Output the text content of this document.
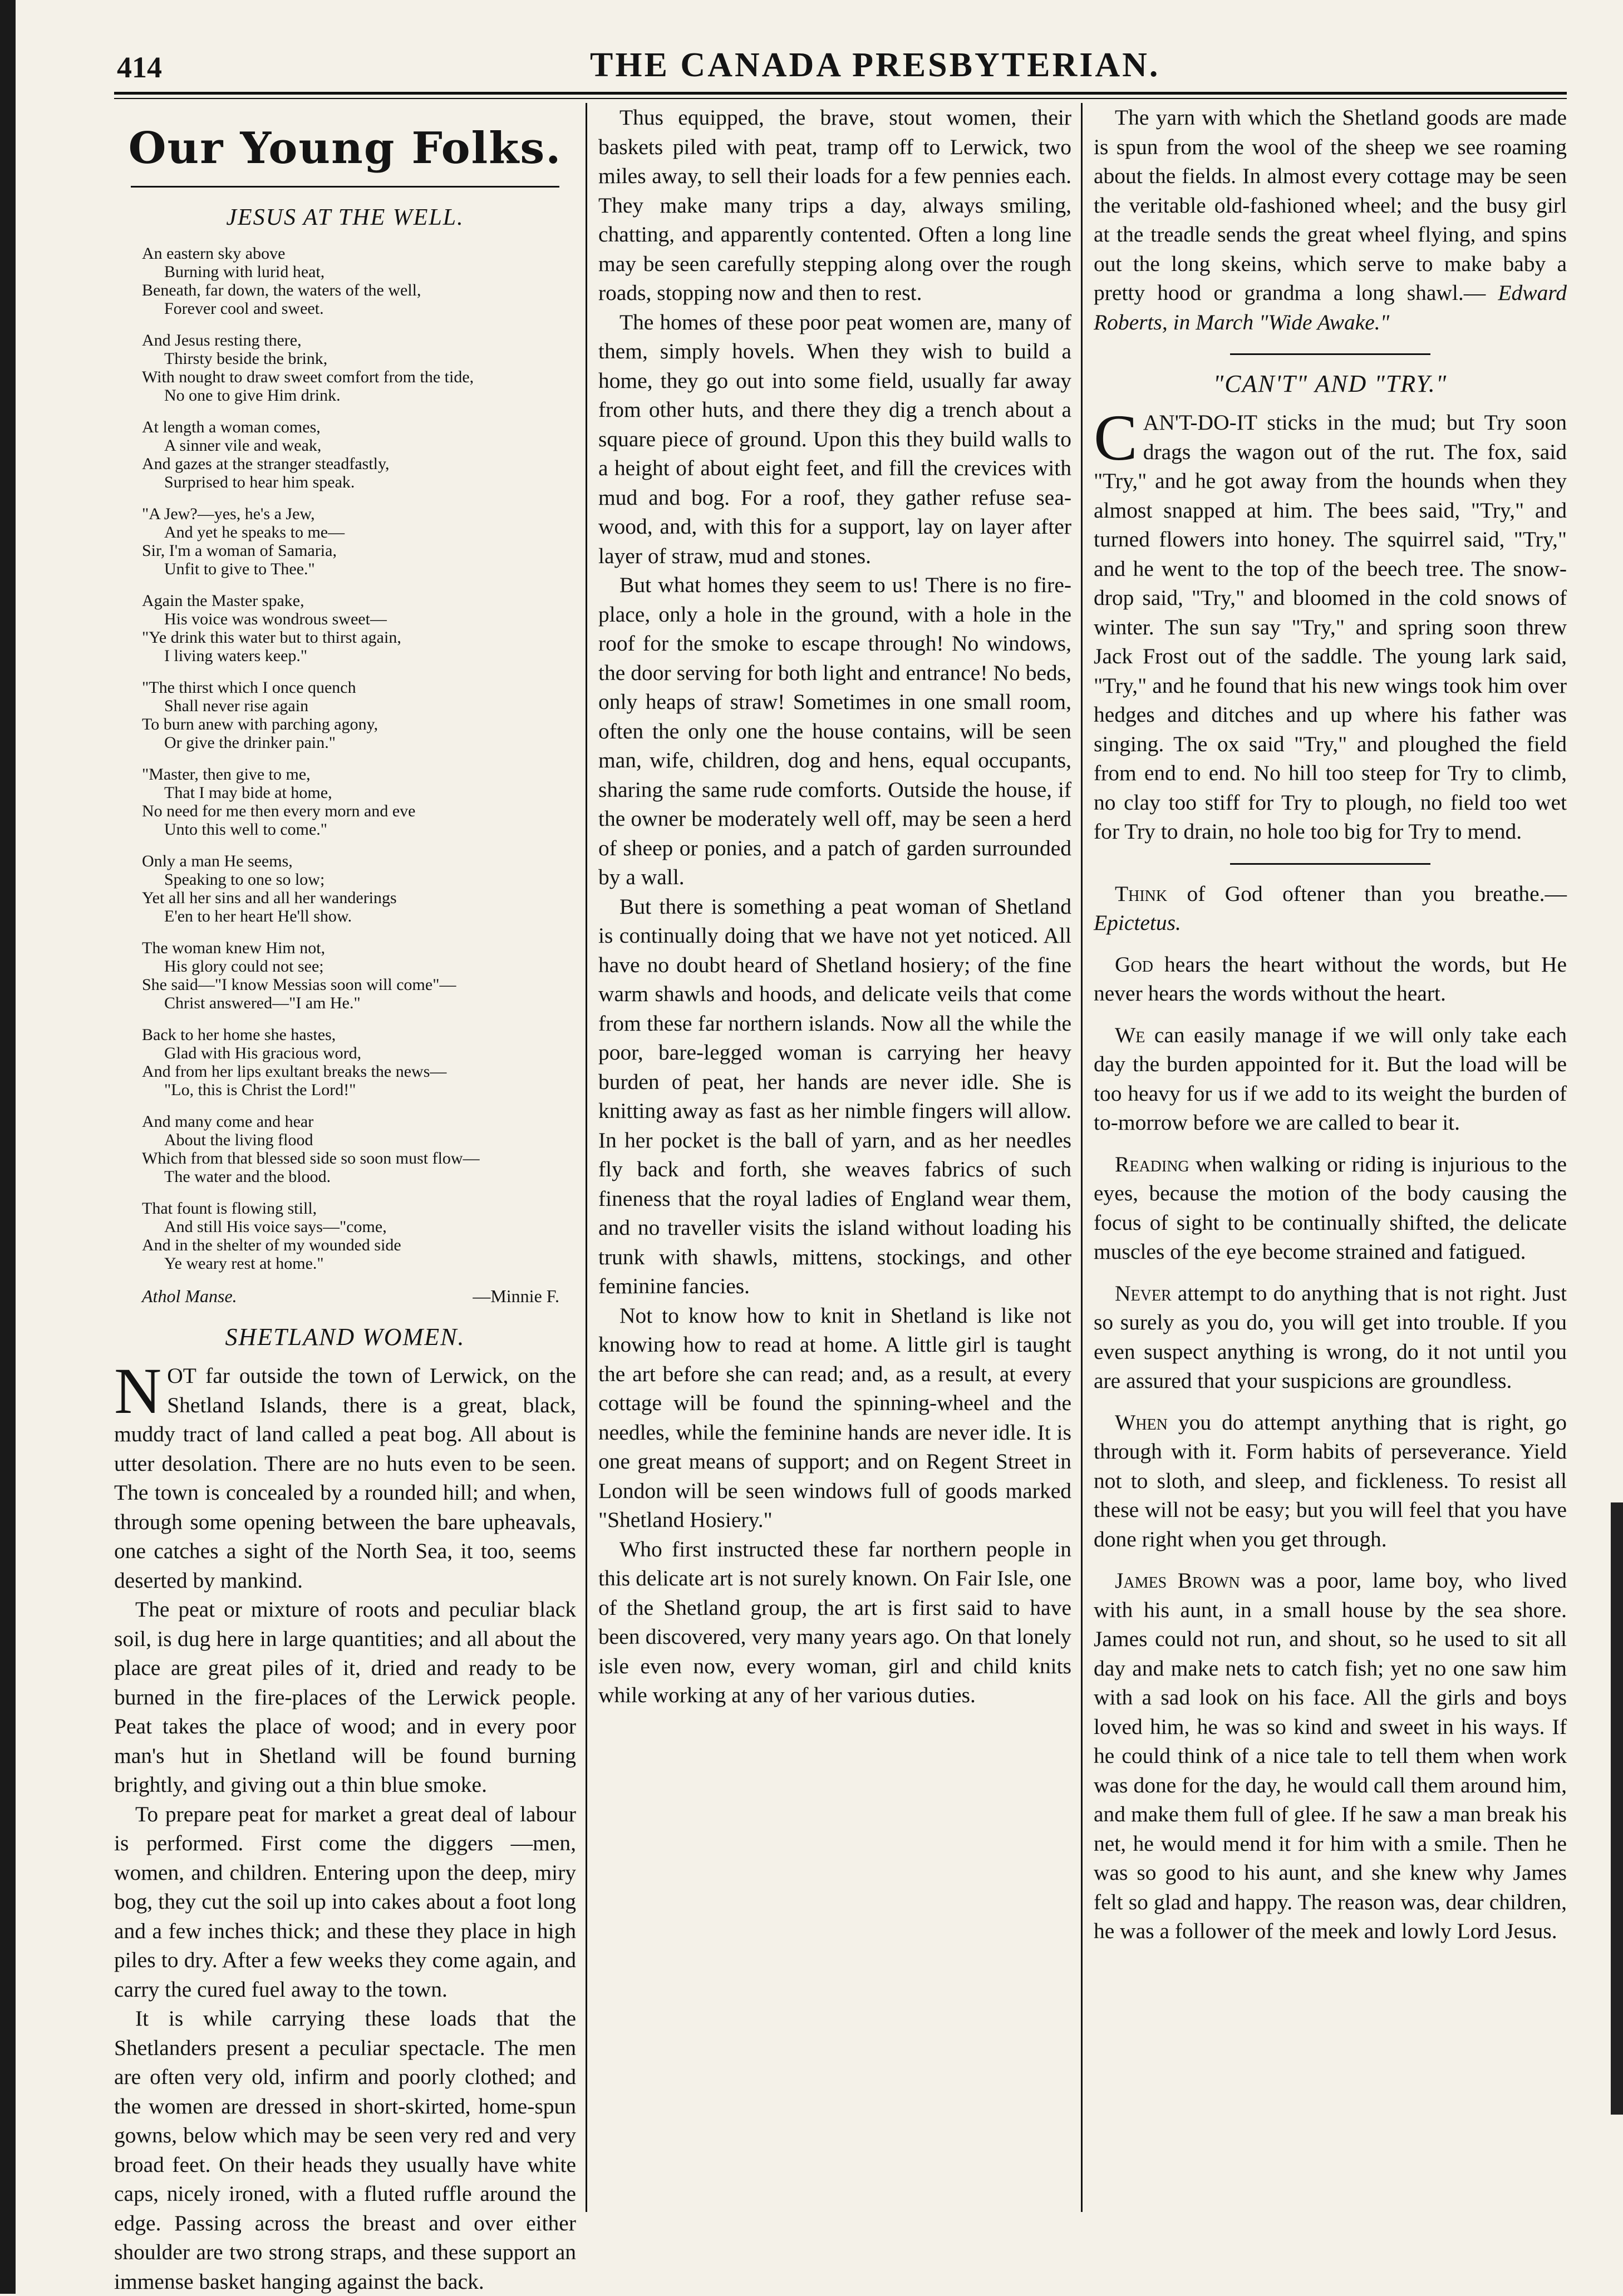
414	THE CANADA PRESBYTERIAN.
Our Young Folks.
JESUS AT THE WELL.
An eastern sky above
Burning with lurid heat,
Beneath, far down, the waters of the well,
Forever cool and sweet.
And Jesus resting there,
Thirsty beside the brink,
With nought to draw sweet comfort from the tide,
No one to give Him drink.
At length a woman comes,
A sinner vile and weak,
And gazes at the stranger steadfastly,
Surprised to hear him speak.
"A Jew?—yes, he's a Jew,
And yet he speaks to me—
Sir, I'm a woman of Samaria,
Unfit to give to Thee."
Again the Master spake,
His voice was wondrous sweet—
"Ye drink this water but to thirst again,
I living waters keep."
"The thirst which I once quench
Shall never rise again
To burn anew with parching agony,
Or give the drinker pain."
"Master, then give to me,
That I may bide at home,
No need for me then every morn and eve
Unto this well to come."
Only a man He seems,
Speaking to one so low;
Yet all her sins and all her wanderings
E'en to her heart He'll show.
The woman knew Him not,
His glory could not see;
She said—"I know Messias soon will come"—
Christ answered—"I am He."
Back to her home she hastes,
Glad with His gracious word,
And from her lips exultant breaks the news—
"Lo, this is Christ the Lord!"
And many come and hear
About the living flood
Which from that blessed side so soon must flow—
The water and the blood.
That fount is flowing still,
And still His voice says—"come,
And in the shelter of my wounded side
Ye weary rest at home."
Athol Manse.	—Minnie F.
SHETLAND WOMEN.

NOT far outside the town of Lerwick, on the Shetland Islands, there is a great, black, muddy tract of land called a peat bog. All about is utter desolation. There are no huts even to be seen. The town is concealed by a rounded hill; and when, through some opening between the bare upheavals, one catches a sight of the North Sea, it too, seems deserted by mankind.

The peat or mixture of roots and peculiar black soil, is dug here in large quantities; and all about the place are great piles of it, dried and ready to be burned in the fire-places of the Lerwick people. Peat takes the place of wood; and in every poor man's hut in Shetland will be found burning brightly, and giving out a thin blue smoke.

To prepare peat for market a great deal of labour is performed. First come the diggers —men, women, and children. Entering upon the deep, miry bog, they cut the soil up into cakes about a foot long and a few inches thick; and these they place in high piles to dry. After a few weeks they come again, and carry the cured fuel away to the town.

It is while carrying these loads that the Shetlanders present a peculiar spectacle. The men are often very old, infirm and poorly clothed; and the women are dressed in short-skirted, home-spun gowns, below which may be seen very red and very broad feet. On their heads they usually have white caps, nicely ironed, with a fluted ruffle around the edge. Passing across the breast and over either shoulder are two strong straps, and these support an immense basket hanging against the back.

Thus equipped, the brave, stout women, their baskets piled with peat, tramp off to Lerwick, two miles away, to sell their loads for a few pennies each. They make many trips a day, always smiling, chatting, and apparently contented. Often a long line may be seen carefully stepping along over the rough roads, stopping now and then to rest.

The homes of these poor peat women are, many of them, simply hovels. When they wish to build a home, they go out into some field, usually far away from other huts, and there they dig a trench about a square piece of ground. Upon this they build walls to a height of about eight feet, and fill the crevices with mud and bog. For a roof, they gather refuse sea-wood, and, with this for a support, lay on layer after layer of straw, mud and stones.

But what homes they seem to us! There is no fire-place, only a hole in the ground, with a hole in the roof for the smoke to escape through! No windows, the door serving for both light and entrance! No beds, only heaps of straw! Sometimes in one small room, often the only one the house contains, will be seen man, wife, children, dog and hens, equal occupants, sharing the same rude comforts. Outside the house, if the owner be moderately well off, may be seen a herd of sheep or ponies, and a patch of garden surrounded by a wall.

But there is something a peat woman of Shetland is continually doing that we have not yet noticed. All have no doubt heard of Shetland hosiery; of the fine warm shawls and hoods, and delicate veils that come from these far northern islands. Now all the while the poor, bare-legged woman is carrying her heavy burden of peat, her hands are never idle. She is knitting away as fast as her nimble fingers will allow. In her pocket is the ball of yarn, and as her needles fly back and forth, she weaves fabrics of such fineness that the royal ladies of England wear them, and no traveller visits the island without loading his trunk with shawls, mittens, stockings, and other feminine fancies.

Not to know how to knit in Shetland is like not knowing how to read at home. A little girl is taught the art before she can read; and, as a result, at every cottage will be found the spinning-wheel and the needles, while the feminine hands are never idle. It is one great means of support; and on Regent Street in London will be seen windows full of goods marked "Shetland Hosiery."

Who first instructed these far northern people in this delicate art is not surely known. On Fair Isle, one of the Shetland group, the art is first said to have been discovered, very many years ago. On that lonely isle even now, every woman, girl and child knits while working at any of her various duties.

The yarn with which the Shetland goods are made is spun from the wool of the sheep we see roaming about the fields. In almost every cottage may be seen the veritable old-fashioned wheel; and the busy girl at the treadle sends the great wheel flying, and spins out the long skeins, which serve to make baby a pretty hood or grandma a long shawl.— Edward Roberts, in March "Wide Awake."

"CAN'T" AND "TRY."

CAN'T-DO-IT sticks in the mud; but Try soon drags the wagon out of the rut. The fox, said "Try," and he got away from the hounds when they almost snapped at him. The bees said, "Try," and turned flowers into honey. The squirrel said, "Try," and he went to the top of the beech tree. The snow-drop said, "Try," and bloomed in the cold snows of winter. The sun say "Try," and spring soon threw Jack Frost out of the saddle. The young lark said, "Try," and he found that his new wings took him over hedges and ditches and up where his father was singing. The ox said "Try," and ploughed the field from end to end. No hill too steep for Try to climb, no clay too stiff for Try to plough, no field too wet for Try to drain, no hole too big for Try to mend.

Think of God oftener than you breathe.—Epictetus.

God hears the heart without the words, but He never hears the words without the heart.

We can easily manage if we will only take each day the burden appointed for it. But the load will be too heavy for us if we add to its weight the burden of to-morrow before we are called to bear it.

Reading when walking or riding is injurious to the eyes, because the motion of the body causing the focus of sight to be continually shifted, the delicate muscles of the eye become strained and fatigued.

Never attempt to do anything that is not right. Just so surely as you do, you will get into trouble. If you even suspect anything is wrong, do it not until you are assured that your suspicions are groundless.

When you do attempt anything that is right, go through with it. Form habits of perseverance. Yield not to sloth, and sleep, and fickleness. To resist all these will not be easy; but you will feel that you have done right when you get through.

James Brown was a poor, lame boy, who lived with his aunt, in a small house by the sea shore. James could not run, and shout, so he used to sit all day and make nets to catch fish; yet no one saw him with a sad look on his face. All the girls and boys loved him, he was so kind and sweet in his ways. If he could think of a nice tale to tell them when work was done for the day, he would call them around him, and make them full of glee. If he saw a man break his net, he would mend it for him with a smile. Then he was so good to his aunt, and she knew why James felt so glad and happy. The reason was, dear children, he was a follower of the meek and lowly Lord Jesus.
